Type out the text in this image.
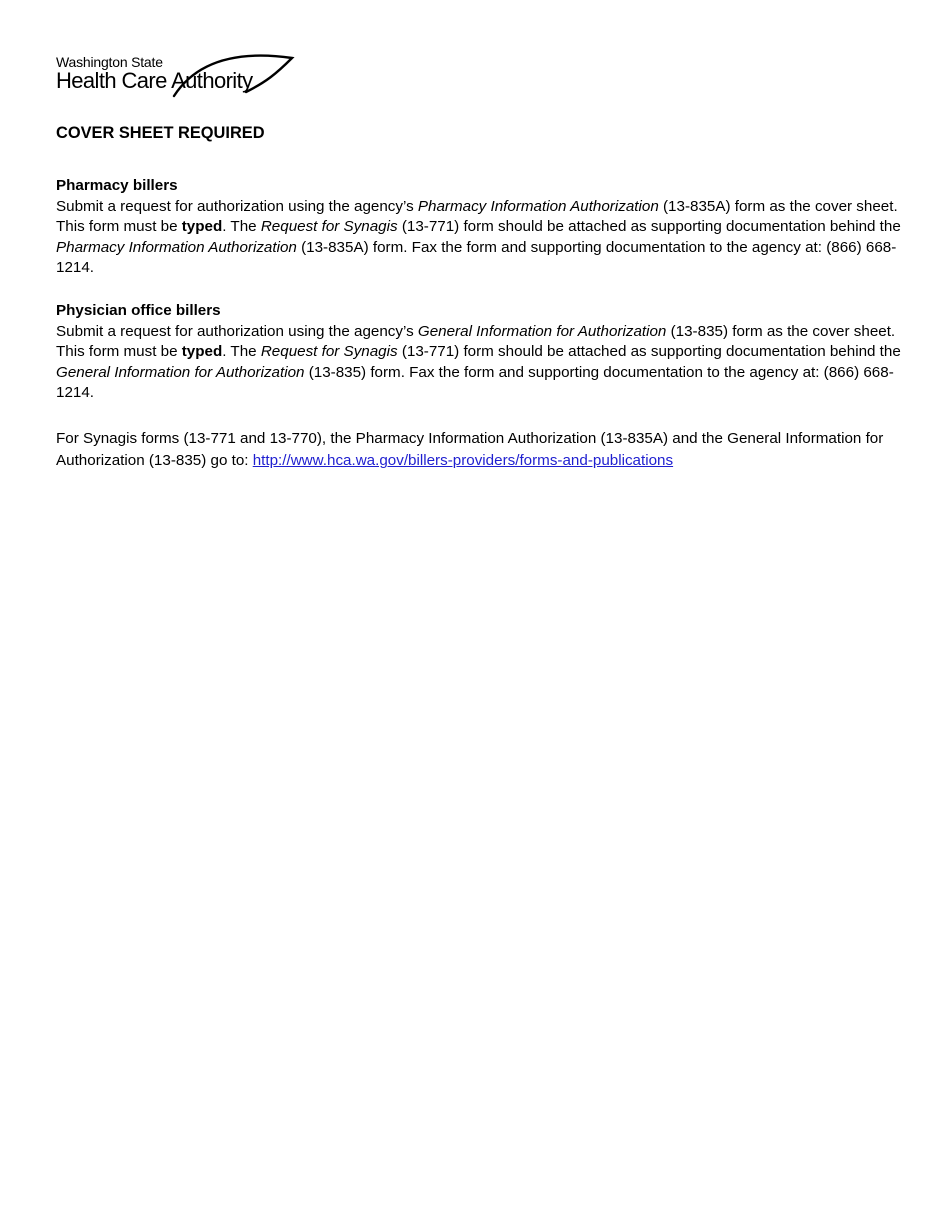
Washington State
Health Care Authority
COVER SHEET REQUIRED

Pharmacy billers

Submit a request for authorization using the agency’s Pharmacy Information Authorization (13-835A) form as the cover sheet. This form must be typed. The Request for Synagis (13-771) form should be attached as supporting documentation behind the Pharmacy Information Authorization (13-835A) form. Fax the form and supporting documentation to the agency at: (866) 668-1214.

Physician office billers

Submit a request for authorization using the agency’s General Information for Authorization (13-835) form as the cover sheet. This form must be typed. The Request for Synagis (13-771) form should be attached as supporting documentation behind the General Information for Authorization (13-835) form. Fax the form and supporting documentation to the agency at: (866) 668-1214.

For Synagis forms (13-771 and 13-770), the Pharmacy Information Authorization (13-835A) and the General Information for Authorization (13-835) go to: http://www.hca.wa.gov/billers-providers/forms-and-publications
